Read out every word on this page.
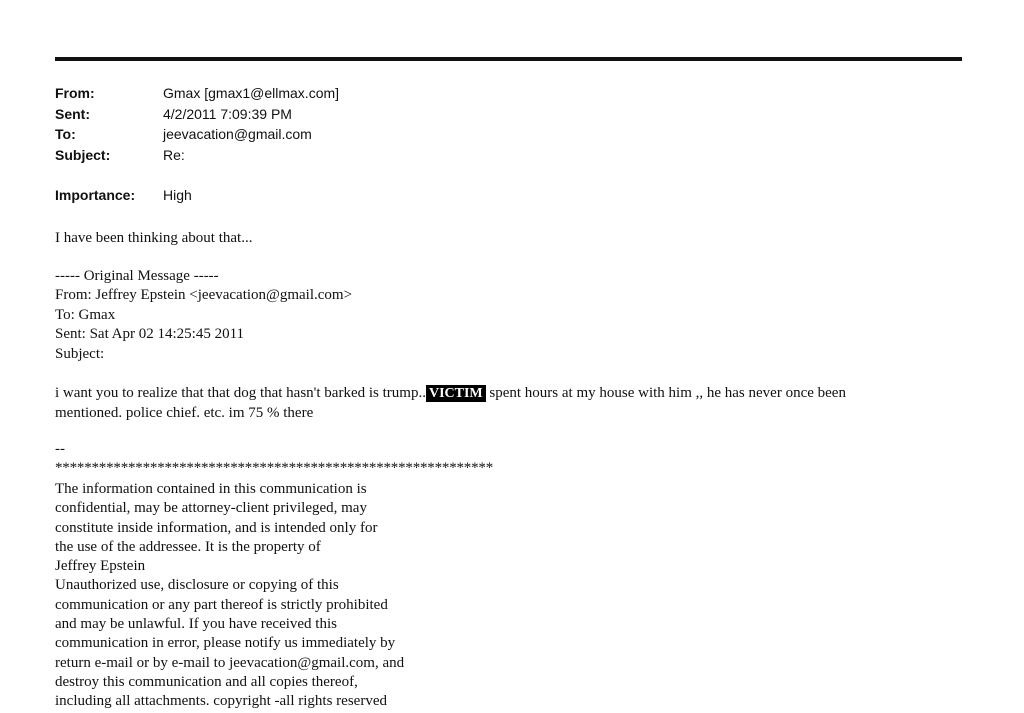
From:	Gmax [gmax1@ellmax.com]
Sent:	4/2/2011 7:09:39 PM
To:	jeevacation@gmail.com
Subject:	Re:
Importance:	High
I have been thinking about that...
----- Original Message -----
From: Jeffrey Epstein <jeevacation@gmail.com>
To: Gmax
Sent: Sat Apr 02 14:25:45 2011
Subject:
i want you to realize that that dog that hasn't barked is trump.. VICTIM spent hours at my house with him ,, he has never once been
mentioned. police chief. etc. im 75 % there
--
************************************************************
The information contained in this communication is
confidential, may be attorney-client privileged, may
constitute inside information, and is intended only for
the use of the addressee. It is the property of
Jeffrey Epstein
Unauthorized use, disclosure or copying of this
communication or any part thereof is strictly prohibited
and may be unlawful. If you have received this
communication in error, please notify us immediately by
return e-mail or by e-mail to jeevacation@gmail.com, and
destroy this communication and all copies thereof,
including all attachments. copyright -all rights reserved
